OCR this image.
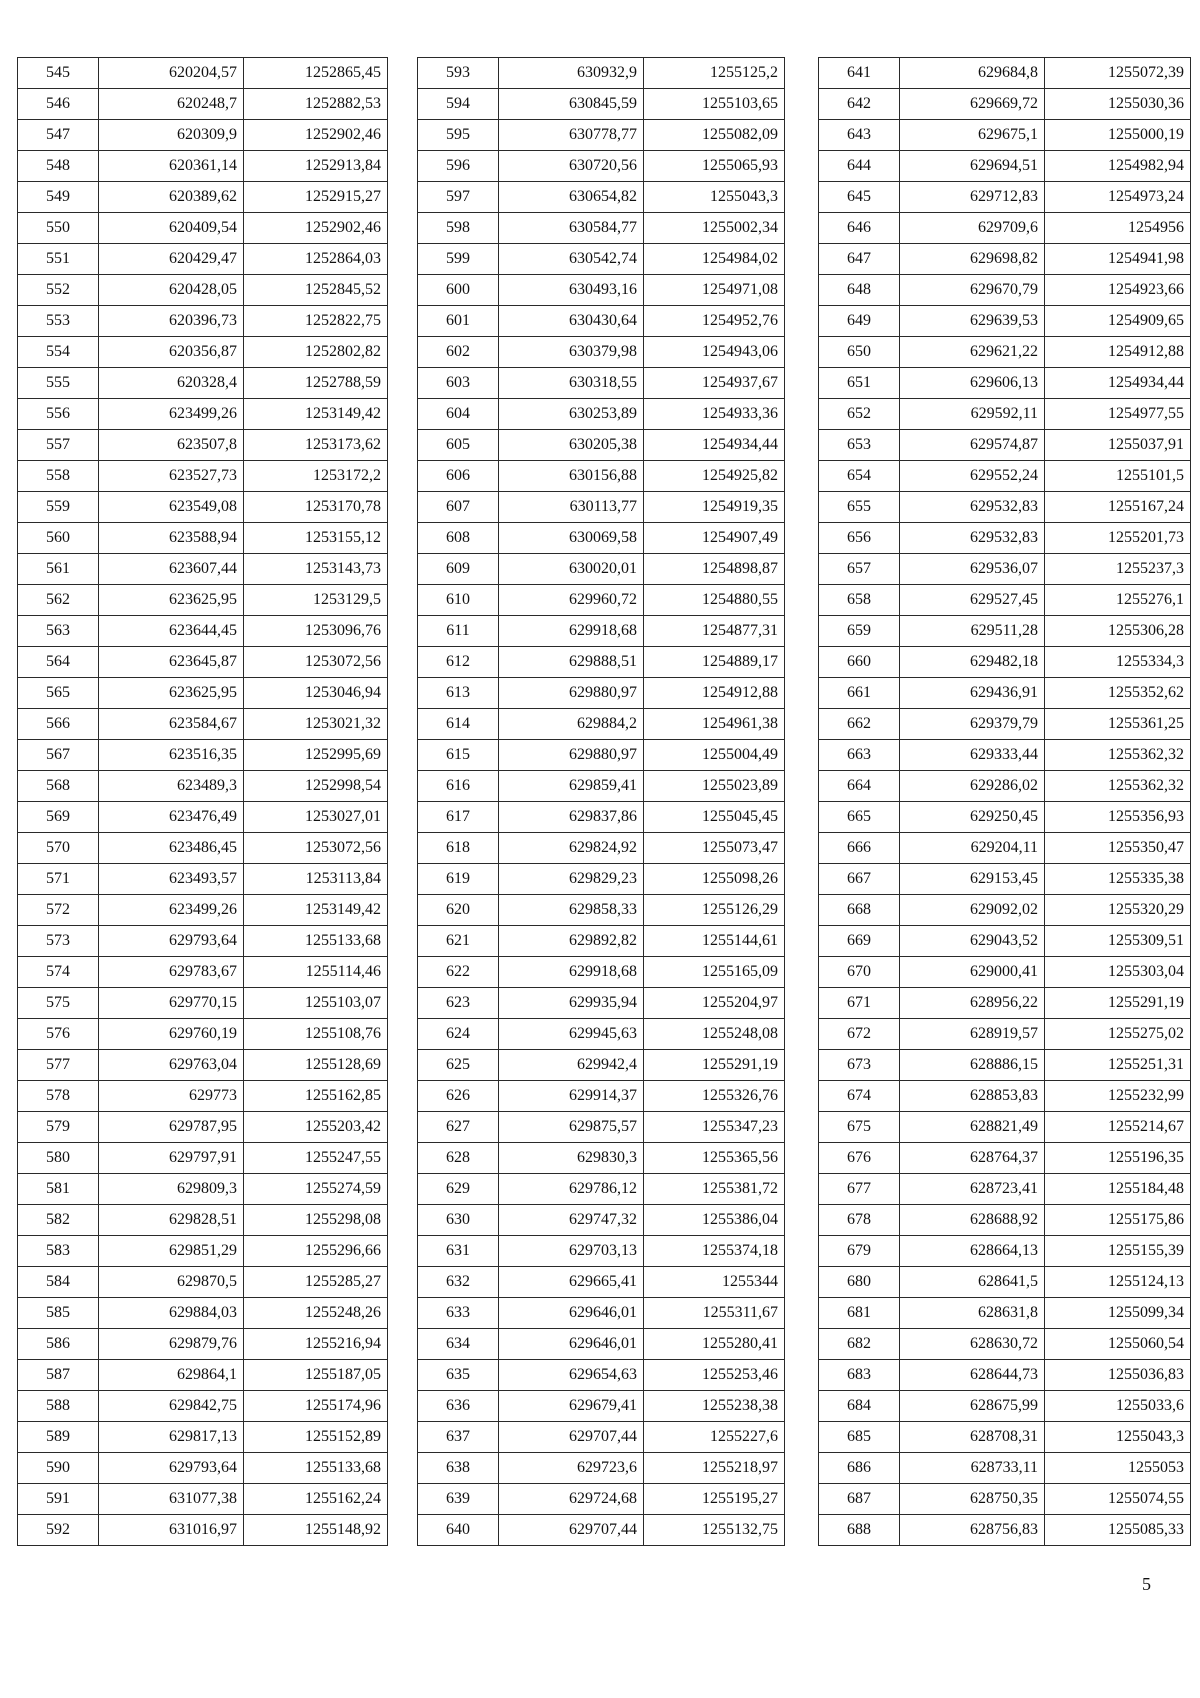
545	620204,57	1252865,45
546	620248,7	1252882,53
547	620309,9	1252902,46
548	620361,14	1252913,84
549	620389,62	1252915,27
550	620409,54	1252902,46
551	620429,47	1252864,03
552	620428,05	1252845,52
553	620396,73	1252822,75
554	620356,87	1252802,82
555	620328,4	1252788,59
556	623499,26	1253149,42
557	623507,8	1253173,62
558	623527,73	1253172,2
559	623549,08	1253170,78
560	623588,94	1253155,12
561	623607,44	1253143,73
562	623625,95	1253129,5
563	623644,45	1253096,76
564	623645,87	1253072,56
565	623625,95	1253046,94
566	623584,67	1253021,32
567	623516,35	1252995,69
568	623489,3	1252998,54
569	623476,49	1253027,01
570	623486,45	1253072,56
571	623493,57	1253113,84
572	623499,26	1253149,42
573	629793,64	1255133,68
574	629783,67	1255114,46
575	629770,15	1255103,07
576	629760,19	1255108,76
577	629763,04	1255128,69
578	629773	1255162,85
579	629787,95	1255203,42
580	629797,91	1255247,55
581	629809,3	1255274,59
582	629828,51	1255298,08
583	629851,29	1255296,66
584	629870,5	1255285,27
585	629884,03	1255248,26
586	629879,76	1255216,94
587	629864,1	1255187,05
588	629842,75	1255174,96
589	629817,13	1255152,89
590	629793,64	1255133,68
591	631077,38	1255162,24
592	631016,97	1255148,92
593	630932,9	1255125,2
594	630845,59	1255103,65
595	630778,77	1255082,09
596	630720,56	1255065,93
597	630654,82	1255043,3
598	630584,77	1255002,34
599	630542,74	1254984,02
600	630493,16	1254971,08
601	630430,64	1254952,76
602	630379,98	1254943,06
603	630318,55	1254937,67
604	630253,89	1254933,36
605	630205,38	1254934,44
606	630156,88	1254925,82
607	630113,77	1254919,35
608	630069,58	1254907,49
609	630020,01	1254898,87
610	629960,72	1254880,55
611	629918,68	1254877,31
612	629888,51	1254889,17
613	629880,97	1254912,88
614	629884,2	1254961,38
615	629880,97	1255004,49
616	629859,41	1255023,89
617	629837,86	1255045,45
618	629824,92	1255073,47
619	629829,23	1255098,26
620	629858,33	1255126,29
621	629892,82	1255144,61
622	629918,68	1255165,09
623	629935,94	1255204,97
624	629945,63	1255248,08
625	629942,4	1255291,19
626	629914,37	1255326,76
627	629875,57	1255347,23
628	629830,3	1255365,56
629	629786,12	1255381,72
630	629747,32	1255386,04
631	629703,13	1255374,18
632	629665,41	1255344
633	629646,01	1255311,67
634	629646,01	1255280,41
635	629654,63	1255253,46
636	629679,41	1255238,38
637	629707,44	1255227,6
638	629723,6	1255218,97
639	629724,68	1255195,27
640	629707,44	1255132,75
641	629684,8	1255072,39
642	629669,72	1255030,36
643	629675,1	1255000,19
644	629694,51	1254982,94
645	629712,83	1254973,24
646	629709,6	1254956
647	629698,82	1254941,98
648	629670,79	1254923,66
649	629639,53	1254909,65
650	629621,22	1254912,88
651	629606,13	1254934,44
652	629592,11	1254977,55
653	629574,87	1255037,91
654	629552,24	1255101,5
655	629532,83	1255167,24
656	629532,83	1255201,73
657	629536,07	1255237,3
658	629527,45	1255276,1
659	629511,28	1255306,28
660	629482,18	1255334,3
661	629436,91	1255352,62
662	629379,79	1255361,25
663	629333,44	1255362,32
664	629286,02	1255362,32
665	629250,45	1255356,93
666	629204,11	1255350,47
667	629153,45	1255335,38
668	629092,02	1255320,29
669	629043,52	1255309,51
670	629000,41	1255303,04
671	628956,22	1255291,19
672	628919,57	1255275,02
673	628886,15	1255251,31
674	628853,83	1255232,99
675	628821,49	1255214,67
676	628764,37	1255196,35
677	628723,41	1255184,48
678	628688,92	1255175,86
679	628664,13	1255155,39
680	628641,5	1255124,13
681	628631,8	1255099,34
682	628630,72	1255060,54
683	628644,73	1255036,83
684	628675,99	1255033,6
685	628708,31	1255043,3
686	628733,11	1255053
687	628750,35	1255074,55
688	628756,83	1255085,33
5
